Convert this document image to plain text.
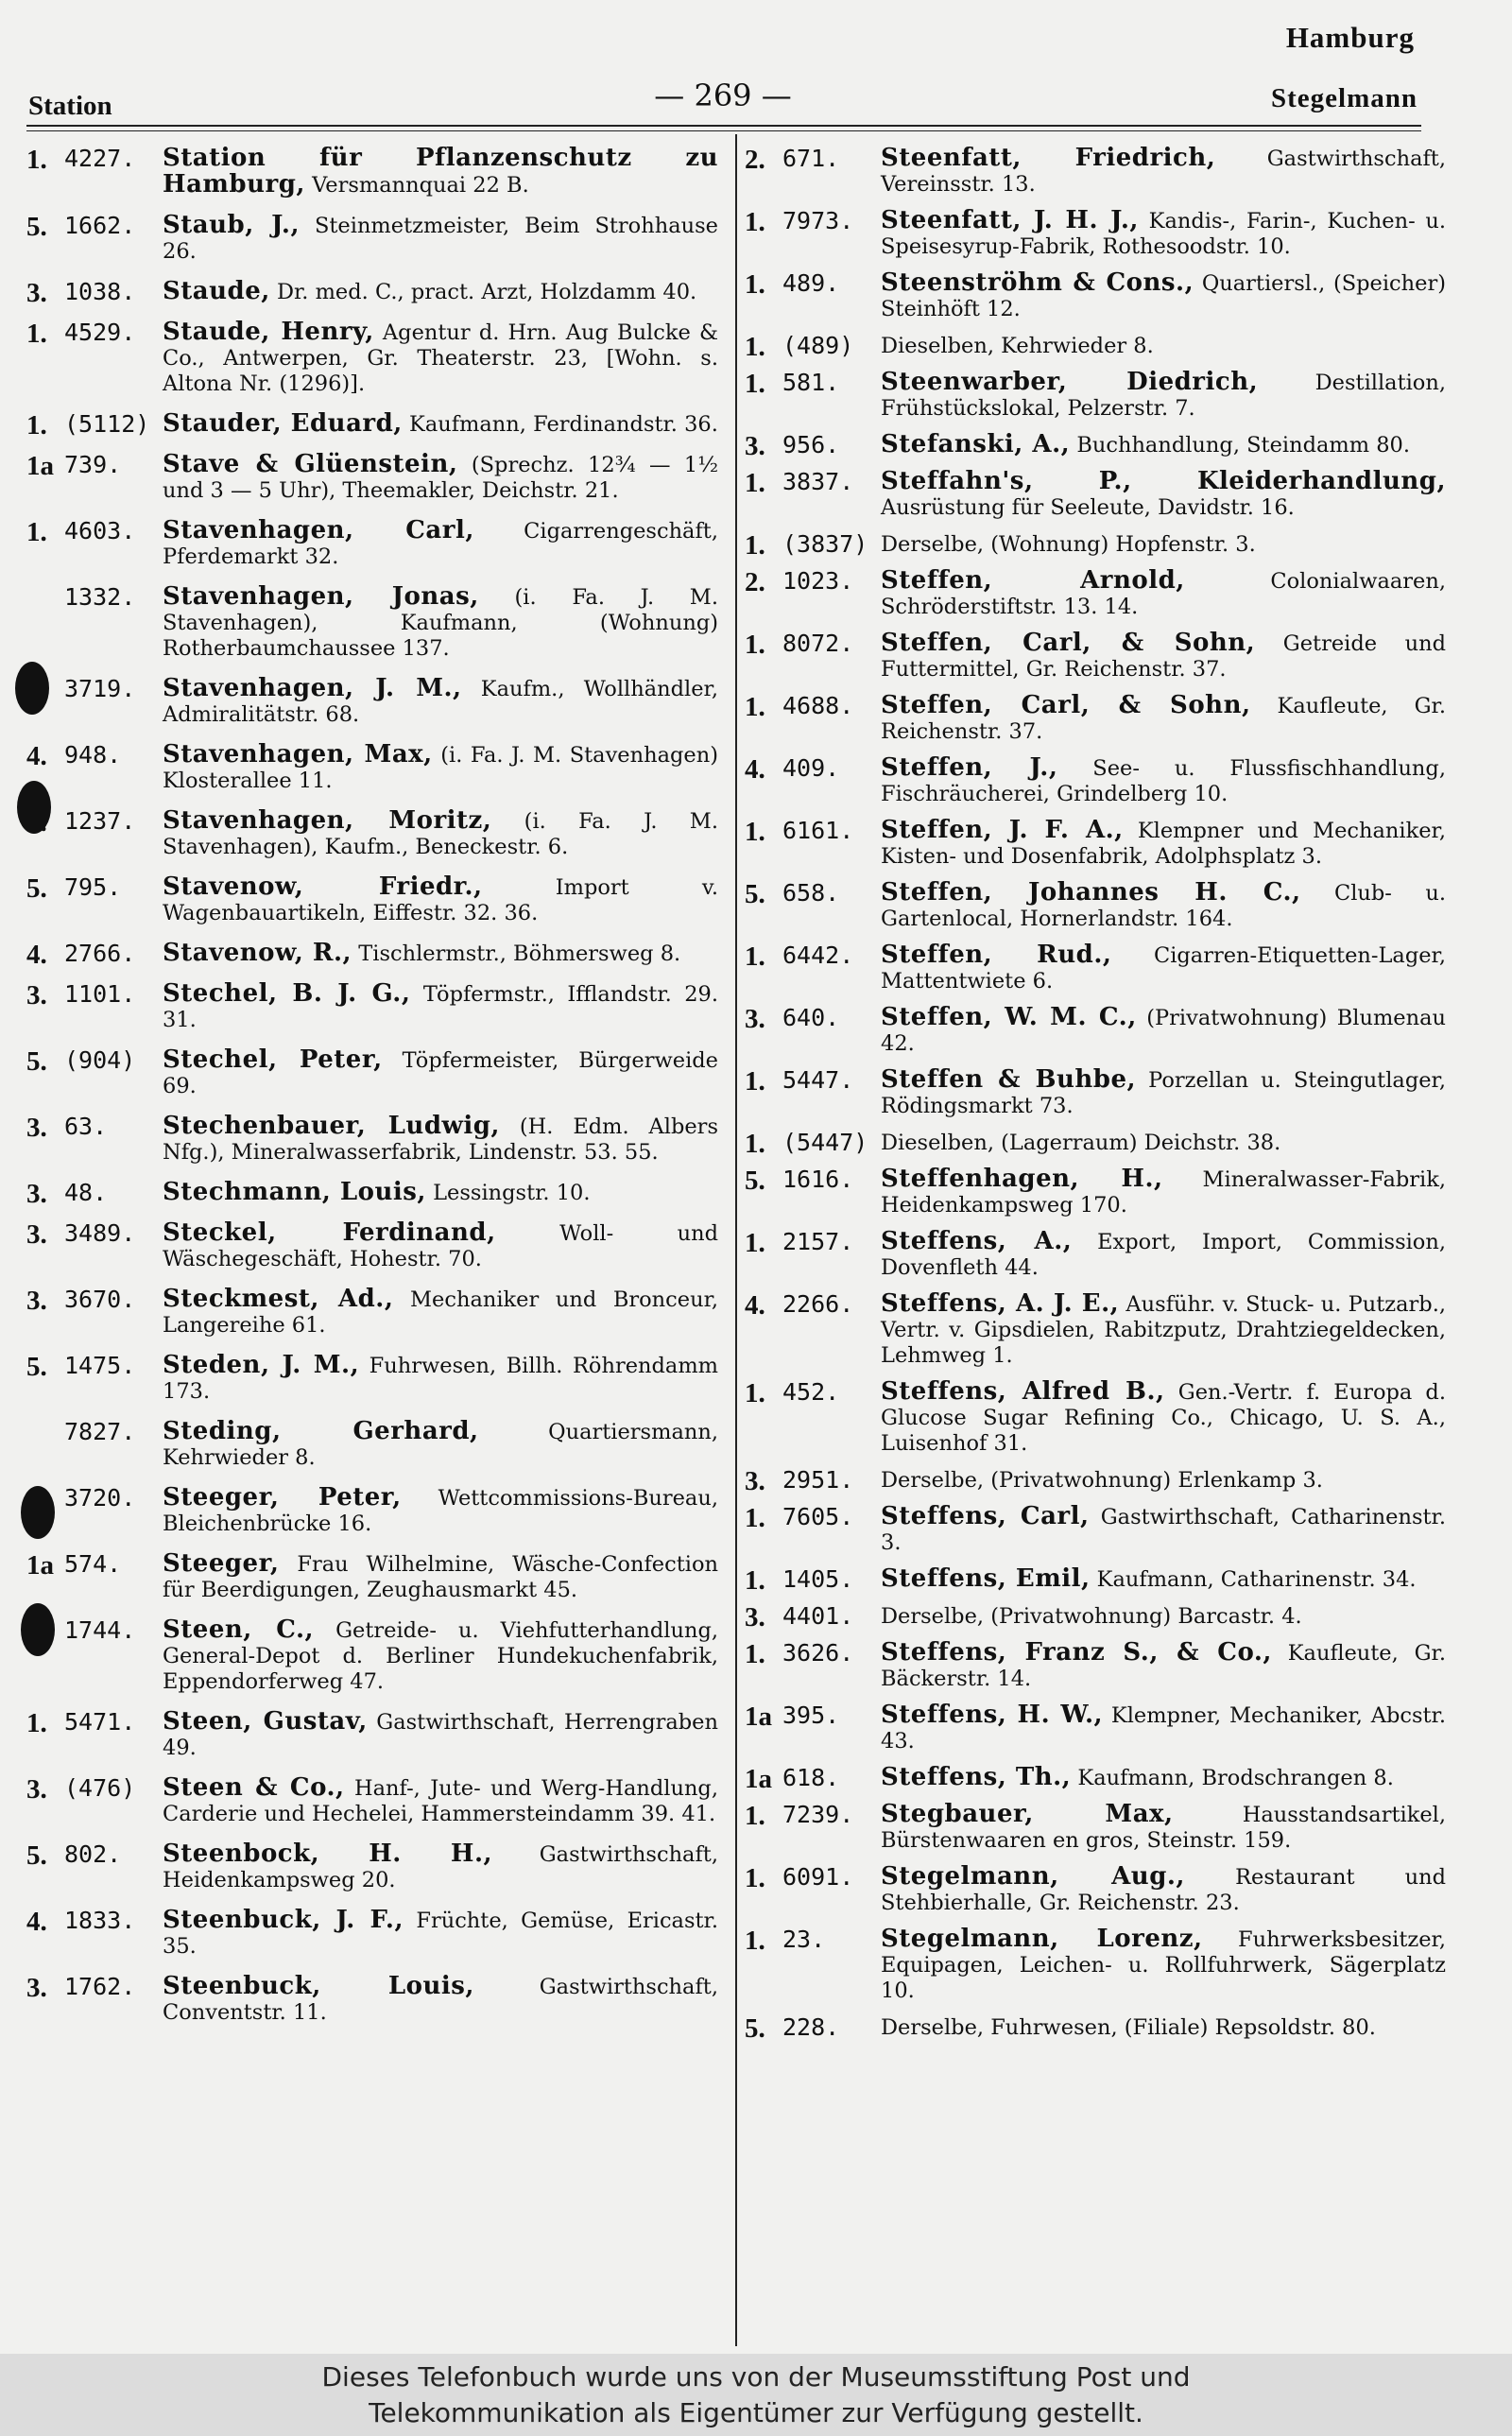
Hamburg
Station	— 269 —	Stegelmann
1. 4227.	Station für Pflanzenschutz zu Hamburg, Versmannquai 22 B.
5. 1662.	Staub, J., Steinmetzmeister, Beim Strohhause 26.
3. 1038.	Staude, Dr. med. C., pract. Arzt, Holzdamm 40.
1. 4529.	Staude, Henry, Agentur d. Hrn. Aug Bulcke & Co., Antwerpen, Gr. Theaterstr. 23, [Wohn. s. Altona Nr. (1296)].
1. (5112) Stauder, Eduard, Kaufmann, Ferdinandstr. 36.
1a 739.	Stave & Glüenstein, (Sprechz. 12¾ — 1½ und 3 — 5 Uhr), Theemakler, Deichstr. 21.
1. 4603.	Stavenhagen, Carl, Cigarrengeschäft, Pferdemarkt 32.
1332.	Stavenhagen, Jonas, (i. Fa. J. M. Stavenhagen), Kaufmann, (Wohnung) Rotherbaumchaussee 137.
3719.	Stavenhagen, J. M., Kaufm., Wollhändler, Admiralitätstr. 68.
4. 948.	Stavenhagen, Max, (i. Fa. J. M. Stavenhagen) Klosterallee 11.
1237.	Stavenhagen, Moritz, (i. Fa. J. M. Stavenhagen), Kaufm., Beneckestr. 6.
5. 795.	Stavenow, Friedr., Import v. Wagenbauartikeln, Eiffestr. 32. 36.
4. 2766.	Stavenow, R., Tischlermstr., Böhmersweg 8.
3. 1101.	Stechel, B. J. G., Töpfermstr., Ifflandstr. 29. 31.
5. (904)	Stechel, Peter, Töpfermeister, Bürgerweide 69.
3. 63.	Stechenbauer, Ludwig, (H. Edm. Albers Nfg.), Mineralwasserfabrik, Lindenstr. 53. 55.
3. 48.	Stechmann, Louis, Lessingstr. 10.
3. 3489.	Steckel, Ferdinand, Woll- und Wäschegeschäft, Hohestr. 70.
3. 3670.	Steckmest, Ad., Mechaniker und Bronceur, Langereihe 61.
5. 1475.	Steden, J. M., Fuhrwesen, Billh. Röhrendamm 173.
7827.	Steding, Gerhard, Quartiersmann, Kehrwieder 8.
3720.	Steeger, Peter, Wettcommissions-Bureau, Bleichenbrücke 16.
1a 574.	Steeger, Frau Wilhelmine, Wäsche-Confection für Beerdigungen, Zeughausmarkt 45.
1744.	Steen, C., Getreide- u. Viehfutterhandlung, General-Depot d. Berliner Hundekuchenfabrik, Eppendorferweg 47.
1. 5471.	Steen, Gustav, Gastwirthschaft, Herrengraben 49.
3. (476)	Steen & Co., Hanf-, Jute- und Werg-Handlung, Carderie und Hechelei, Hammersteindamm 39. 41.
5. 802.	Steenbock, H. H., Gastwirthschaft, Heidenkampsweg 20.
4. 1833.	Steenbuck, J. F., Früchte, Gemüse, Ericastr. 35.
3. 1762.	Steenbuck, Louis, Gastwirthschaft, Conventstr. 11.
2. 671.	Steenfatt, Friedrich, Gastwirthschaft, Vereinsstr. 13.
1. 7973.	Steenfatt, J. H. J., Kandis-, Farin-, Kuchen- u. Speisesyrup-Fabrik, Rothesoodstr. 10.
1. 489.	Steenströhm & Cons., Quartiersl., (Speicher) Steinhöft 12.
1. (489)	Dieselben, Kehrwieder 8.
1. 581.	Steenwarber, Diedrich, Destillation, Frühstückslokal, Pelzerstr. 7.
3. 956.	Stefanski, A., Buchhandlung, Steindamm 80.
1. 3837.	Steffahn's, P., Kleiderhandlung, Ausrüstung für Seeleute, Davidstr. 16.
1. (3837) Derselbe, (Wohnung) Hopfenstr. 3.
2. 1023.	Steffen, Arnold, Colonialwaaren, Schröderstiftstr. 13. 14.
1. 8072.	Steffen, Carl, & Sohn, Getreide und Futtermittel, Gr. Reichenstr. 37.
1. 4688.	Steffen, Carl, & Sohn, Kaufleute, Gr. Reichenstr. 37.
4. 409.	Steffen, J., See- u. Flussfischhandlung, Fischräucherei, Grindelberg 10.
1. 6161.	Steffen, J. F. A., Klempner und Mechaniker, Kisten- und Dosenfabrik, Adolphsplatz 3.
5. 658.	Steffen, Johannes H. C., Club- u. Gartenlocal, Hornerlandstr. 164.
1. 6442.	Steffen, Rud., Cigarren-Etiquetten-Lager, Mattentwiete 6.
3. 640.	Steffen, W. M. C., (Privatwohnung) Blumenau 42.
1. 5447.	Steffen & Buhbe, Porzellan u. Steingutlager, Rödingsmarkt 73.
1. (5447) Dieselben, (Lagerraum) Deichstr. 38.
5. 1616.	Steffenhagen, H., Mineralwasser-Fabrik, Heidenkampsweg 170.
1. 2157.	Steffens, A., Export, Import, Commission, Dovenfleth 44.
4. 2266.	Steffens, A. J. E., Ausführ. v. Stuck- u. Putzarb., Vertr. v. Gipsdielen, Rabitzputz, Drahtziegeldecken, Lehmweg 1.
1. 452.	Steffens, Alfred B., Gen.-Vertr. f. Europa d. Glucose Sugar Refining Co., Chicago, U. S. A., Luisenhof 31.
3. 2951.	Derselbe, (Privatwohnung) Erlenkamp 3.
1. 7605.	Steffens, Carl, Gastwirthschaft, Catharinenstr. 3.
1. 1405.	Steffens, Emil, Kaufmann, Catharinenstr. 34.
3. 4401.	Derselbe, (Privatwohnung) Barcastr. 4.
1. 3626.	Steffens, Franz S., & Co., Kaufleute, Gr. Bäckerstr. 14.
1a 395.	Steffens, H. W., Klempner, Mechaniker, Abcstr. 43.
1a 618.	Steffens, Th., Kaufmann, Brodschrangen 8.
1. 7239.	Stegbauer, Max, Hausstandsartikel, Bürstenwaaren en gros, Steinstr. 159.
1. 6091.	Stegelmann, Aug., Restaurant und Stehbierhalle, Gr. Reichenstr. 23.
1. 23.	Stegelmann, Lorenz, Fuhrwerksbesitzer, Equipagen, Leichen- u. Rollfuhrwerk, Sägerplatz 10.
5. 228.	Derselbe, Fuhrwesen, (Filiale) Repsoldstr. 80.
Dieses Telefonbuch wurde uns von der Museumsstiftung Post und
Telekommunikation als Eigentümer zur Verfügung gestellt.
